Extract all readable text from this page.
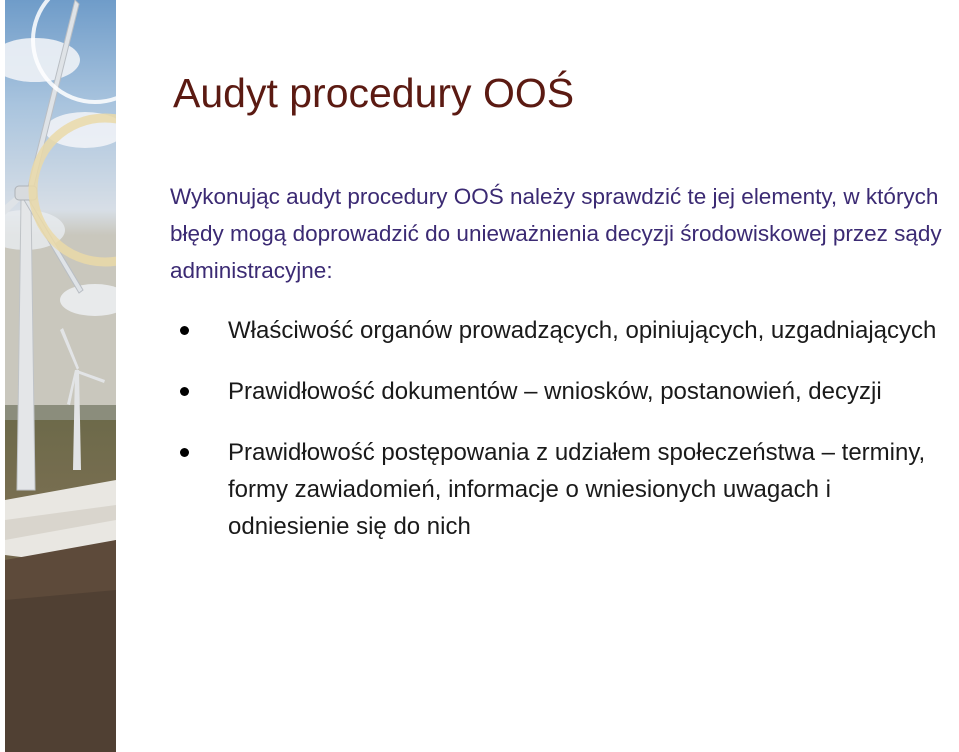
Audyt procedury OOŚ
Wykonując audyt procedury OOŚ należy sprawdzić te jej elementy, w których błędy mogą doprowadzić do unieważnienia decyzji środowiskowej przez sądy administracyjne:
Właściwość organów prowadzących, opiniujących, uzgadniających
Prawidłowość dokumentów – wniosków, postanowień, decyzji
Prawidłowość postępowania z udziałem społeczeństwa – terminy, formy zawiadomień, informacje o wniesionych uwagach i odniesienie się do nich
